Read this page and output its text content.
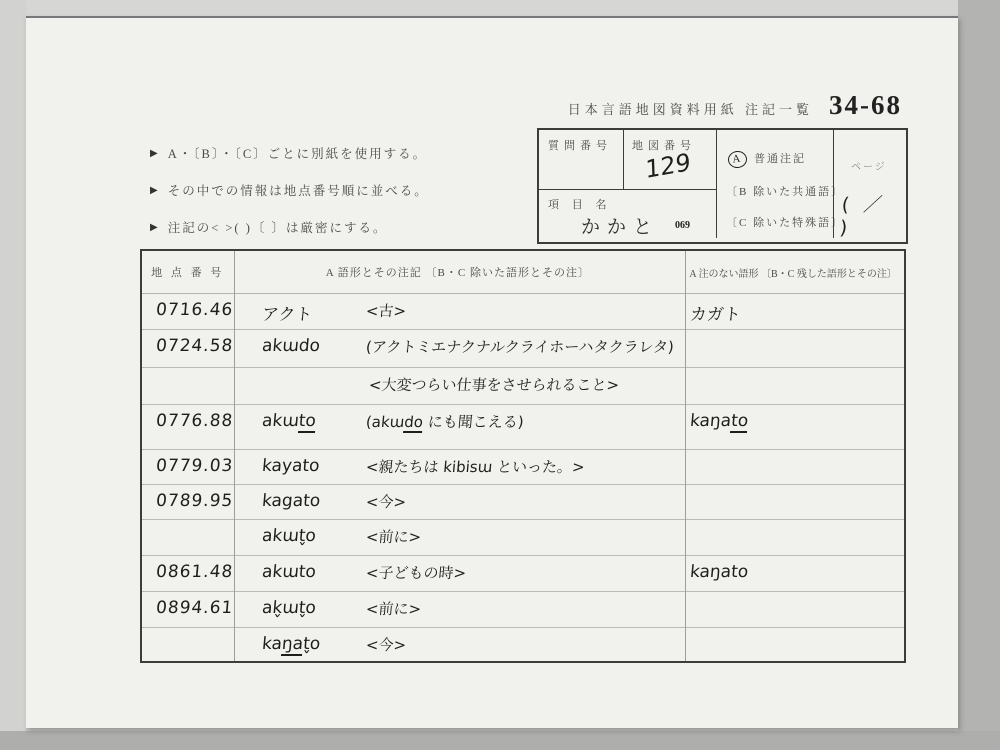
日本言語地図資料用紙 注記一覧 34-68
▶ A・〔B〕・〔C〕ごとに別紙を使用する。
▶ その中での情報は地点番号順に並べる。
▶ 注記の< >( )〔 〕は厳密にする。
質問番号 地図番号
129
項 目 名
かかと 069
A 普通注記
〔B 除いた共通語〕
〔C 除いた特殊語〕
ページ
( ／ )
地 点 番 号	A 語形とその注記 〔B・C 除いた語形とその注〕	A 注のない語形 〔B・C 残した語形とその注〕
0716.46 アクト	<古>	カガト
0724.58 akɯdo	(アクトミエナクナルクライホーハタクラレタ)
<大変つらい仕事をさせられること>
0776.88 akɯto	(akɯdo にも聞こえる)	kaŋato
0779.03 kayato	<親たちは kibisɯ といった。>
0789.95 kagato	<今>
akɯt̬o	<前に>
0861.48 akɯto	<子どもの時>	kaŋato
0894.61 ak̬ɯt̬o	<前に>
kaŋat̬o	<今>
